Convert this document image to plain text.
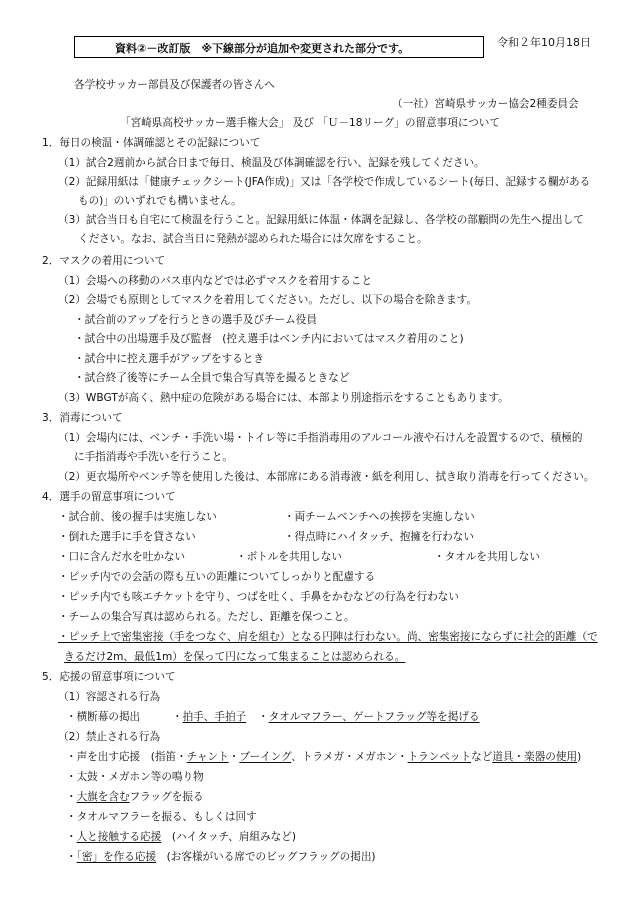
資料②－改訂版　※下線部分が追加や変更された部分です。	令和２年10月18日
各学校サッカー部員及び保護者の皆さんへ
（一社）宮崎県サッカー協会2種委員会
「宮崎県高校サッカー選手権大会」 及び 「Ｕ－18リーグ」の留意事項について
1．毎日の検温・体調確認とその記録について
（1）試合2週前から試合日まで毎日、検温及び体調確認を行い、記録を残してください。
（2）記録用紙は「健康チェックシート(JFA作成)」又は「各学校で作成しているシート(毎日、記録する欄がある
もの)」のいずれでも構いません。
（3）試合当日も自宅にて検温を行うこと。記録用紙に体温・体調を記録し、各学校の部顧問の先生へ提出して
ください。なお、試合当日に発熱が認められた場合には欠席をすること。
2．マスクの着用について
（1）会場への移動のバス車内などでは必ずマスクを着用すること
（2）会場でも原則としてマスクを着用してください。ただし、以下の場合を除きます。
・試合前のアップを行うときの選手及びチーム役員
・試合中の出場選手及び監督　(控え選手はベンチ内においてはマスク着用のこと)
・試合中に控え選手がアップをするとき
・試合終了後等にチーム全員で集合写真等を撮るときなど
（3）WBGTが高く、熱中症の危険がある場合には、本部より別途指示をすることもあります。
3．消毒について
（1）会場内には、ベンチ・手洗い場・トイレ等に手指消毒用のアルコール液や石けんを設置するので、積極的
に手指消毒や手洗いを行うこと。
（2）更衣場所やベンチ等を使用した後は、本部席にある消毒液・紙を利用し、拭き取り消毒を行ってください。
4．選手の留意事項について
・試合前、後の握手は実施しない	・両チームベンチへの挨拶を実施しない
・倒れた選手に手を貸さない	・得点時にハイタッチ、抱擁を行わない
・口に含んだ水を吐かない	・ボトルを共用しない	・タオルを共用しない
・ピッチ内での会話の際も互いの距離についてしっかりと配慮する
・ピッチ内でも咳エチケットを守り、つばを吐く、手鼻をかむなどの行為を行わない
・チームの集合写真は認められる。ただし、距離を保つこと。
・ピッチ上で密集密接（手をつなぐ、肩を組む）となる円陣は行わない。尚、密集密接にならずに社会的距離（で
きるだけ2m、最低1m）を保って円になって集まることは認められる。
5．応援の留意事項について
（1）容認される行為
・横断幕の掲出	・拍手、手拍子 ・タオルマフラー、ゲートフラッグ等を掲げる
（2）禁止される行為
・声を出す応援　(指笛・チャント・ブーイング、トラメガ・メガホン・トランペットなど道具・楽器の使用)
・太鼓・メガホン等の鳴り物
・大旗を含むフラッグを振る
・タオルマフラーを振る、もしくは回す
・人と接触する応援　(ハイタッチ、肩組みなど)
・「密」を作る応援　(お客様がいる席でのビッグフラッグの掲出)
